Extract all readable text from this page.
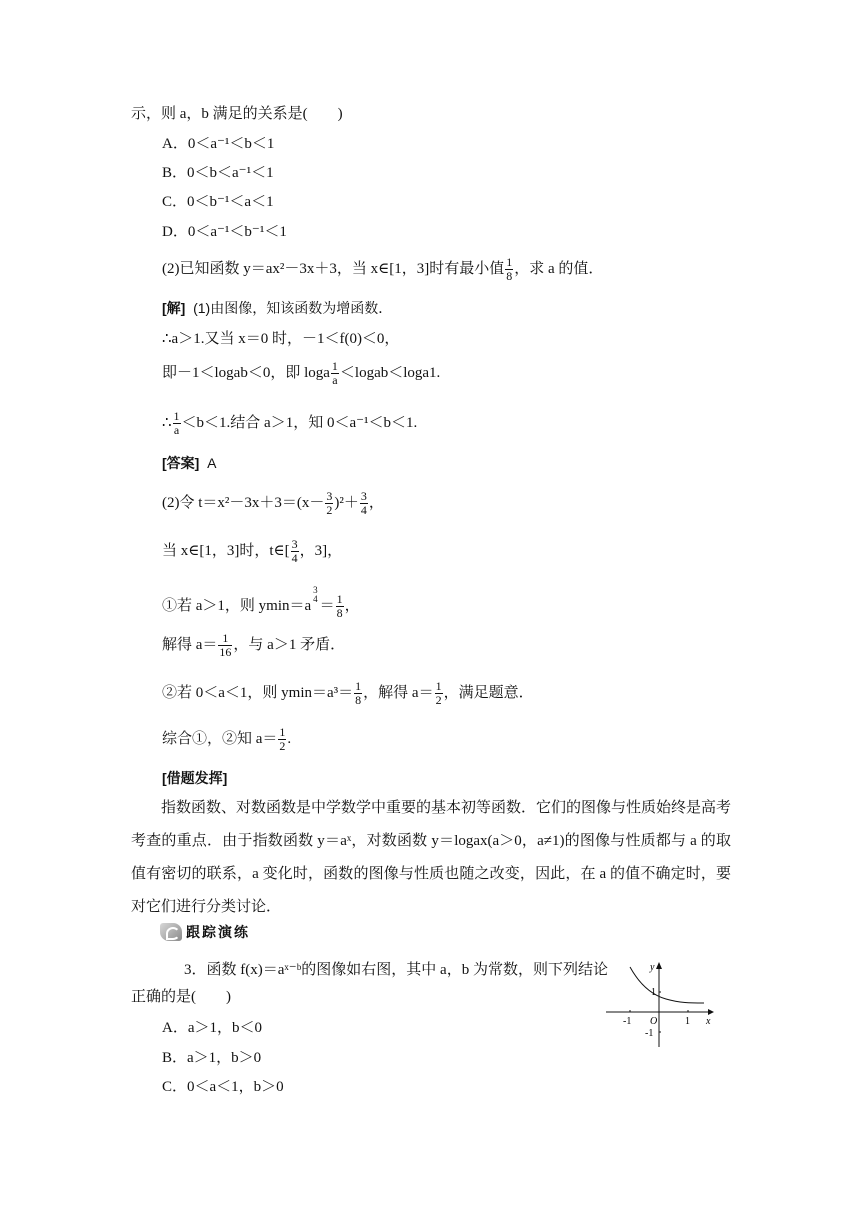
示，则 a，b 满足的关系是(　　)
A．0＜a⁻¹＜b＜1
B．0＜b＜a⁻¹＜1
C．0＜b⁻¹＜a＜1
D．0＜a⁻¹＜b⁻¹＜1
(2)已知函数 y＝ax²－3x＋3，当 x∈[1，3]时有最小值 $\frac{1}{8}$ ，求 a 的值．
[解] (1)由图像，知该函数为增函数．
∴a＞1.又当 x＝0 时，－1＜f(0)＜0，
即－1＜logab＜0，即 loga $\frac{1}{a}$ ＜logab＜loga1.
∴ $\frac{1}{a} <b<1$.结合 a＞1，知 0＜a⁻¹＜b＜1.
[答案] A
(2)令 $t=x^2-3x+3=(x- \frac{3}{2} )^2+ \frac{3}{4}$ ，
当 x∈[1，3]时，t∈[ $\frac{3}{4}$ ，3]，
①若 a＞1，则 ymin＝a
3
$4 = \frac{1}{8}$ ，
解得 $a= \frac{1}{16}$ ，与 a＞1 矛盾．
②若 0＜a＜1，则 $ymin=a^3= \frac{1}{8}$ ，解得 $a= \frac{1}{2}$ ，满足题意．
综合①，②知 $a= \frac{1}{2}$ .
[借题发挥]
指数函数、对数函数是中学数学中重要的基本初等函数．它们的图像与性质始终是高考考查的重点．由于指数函数 y＝aˣ，对数函数 y＝logax(a＞0，a≠1)的图像与性质都与 a 的取值有密切的联系，a 变化时，函数的图像与性质也随之改变，因此，在 a 的值不确定时，要对它们进行分类讨论．
跟踪演练
3．函数 f(x)＝aˣ⁻ᵇ的图像如右图，其中 a，b 为常数，则下列结论
正确的是(　　)
A．a＞1，b＜0
B．a＞1，b＞0
C．0＜a＜1，b＞0
y
x
1
-1
-1 O	1
